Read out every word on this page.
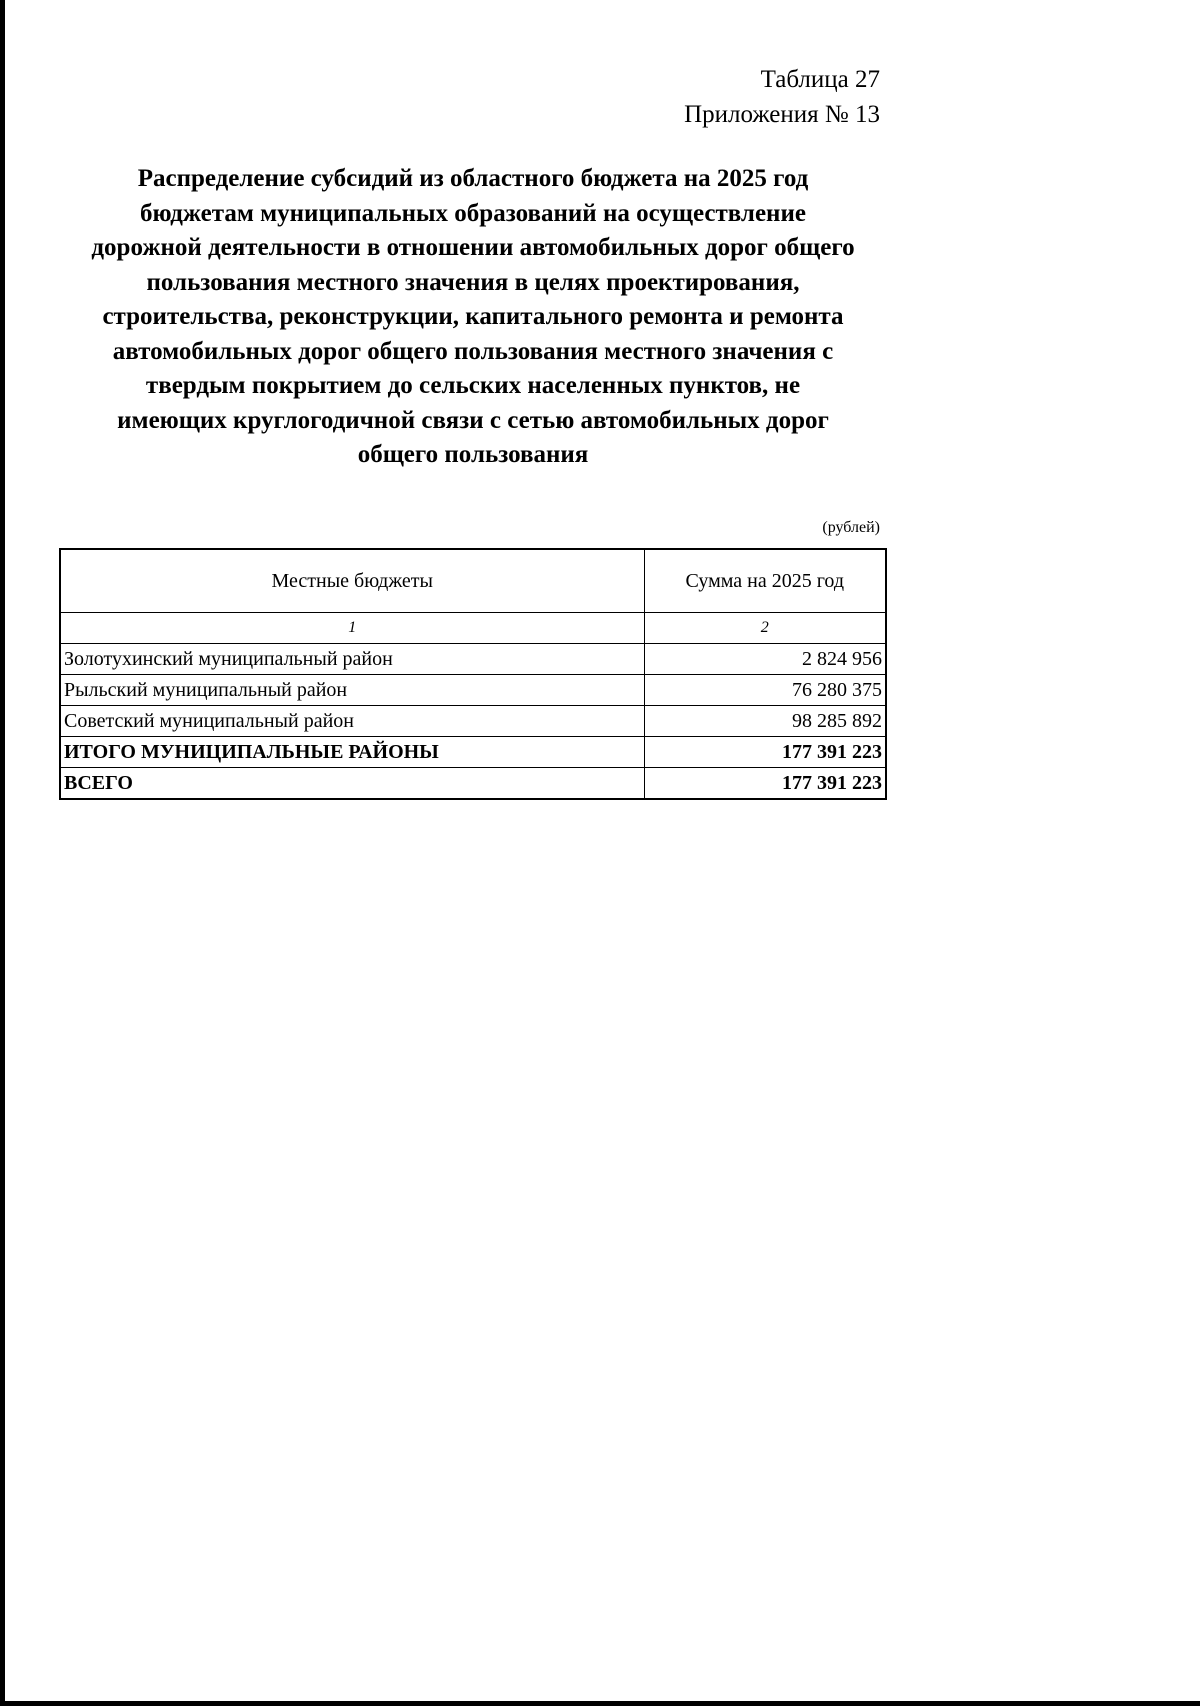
Таблица 27
Приложения № 13
Распределение субсидий из областного бюджета на 2025 год
бюджетам муниципальных образований на осуществление
дорожной деятельности в отношении автомобильных дорог общего
пользования местного значения в целях проектирования,
строительства, реконструкции, капитального ремонта и ремонта
автомобильных дорог общего пользования местного значения с
твердым покрытием до сельских населенных пунктов, не
имеющих круглогодичной связи с сетью автомобильных дорог
общего пользования
(рублей)
Местные бюджеты	Сумма на 2025 год
1	2
Золотухинский муниципальный район	2 824 956
Рыльский муниципальный район	76 280 375
Советский муниципальный район	98 285 892
ИТОГО МУНИЦИПАЛЬНЫЕ РАЙОНЫ	177 391 223
ВСЕГО	177 391 223
